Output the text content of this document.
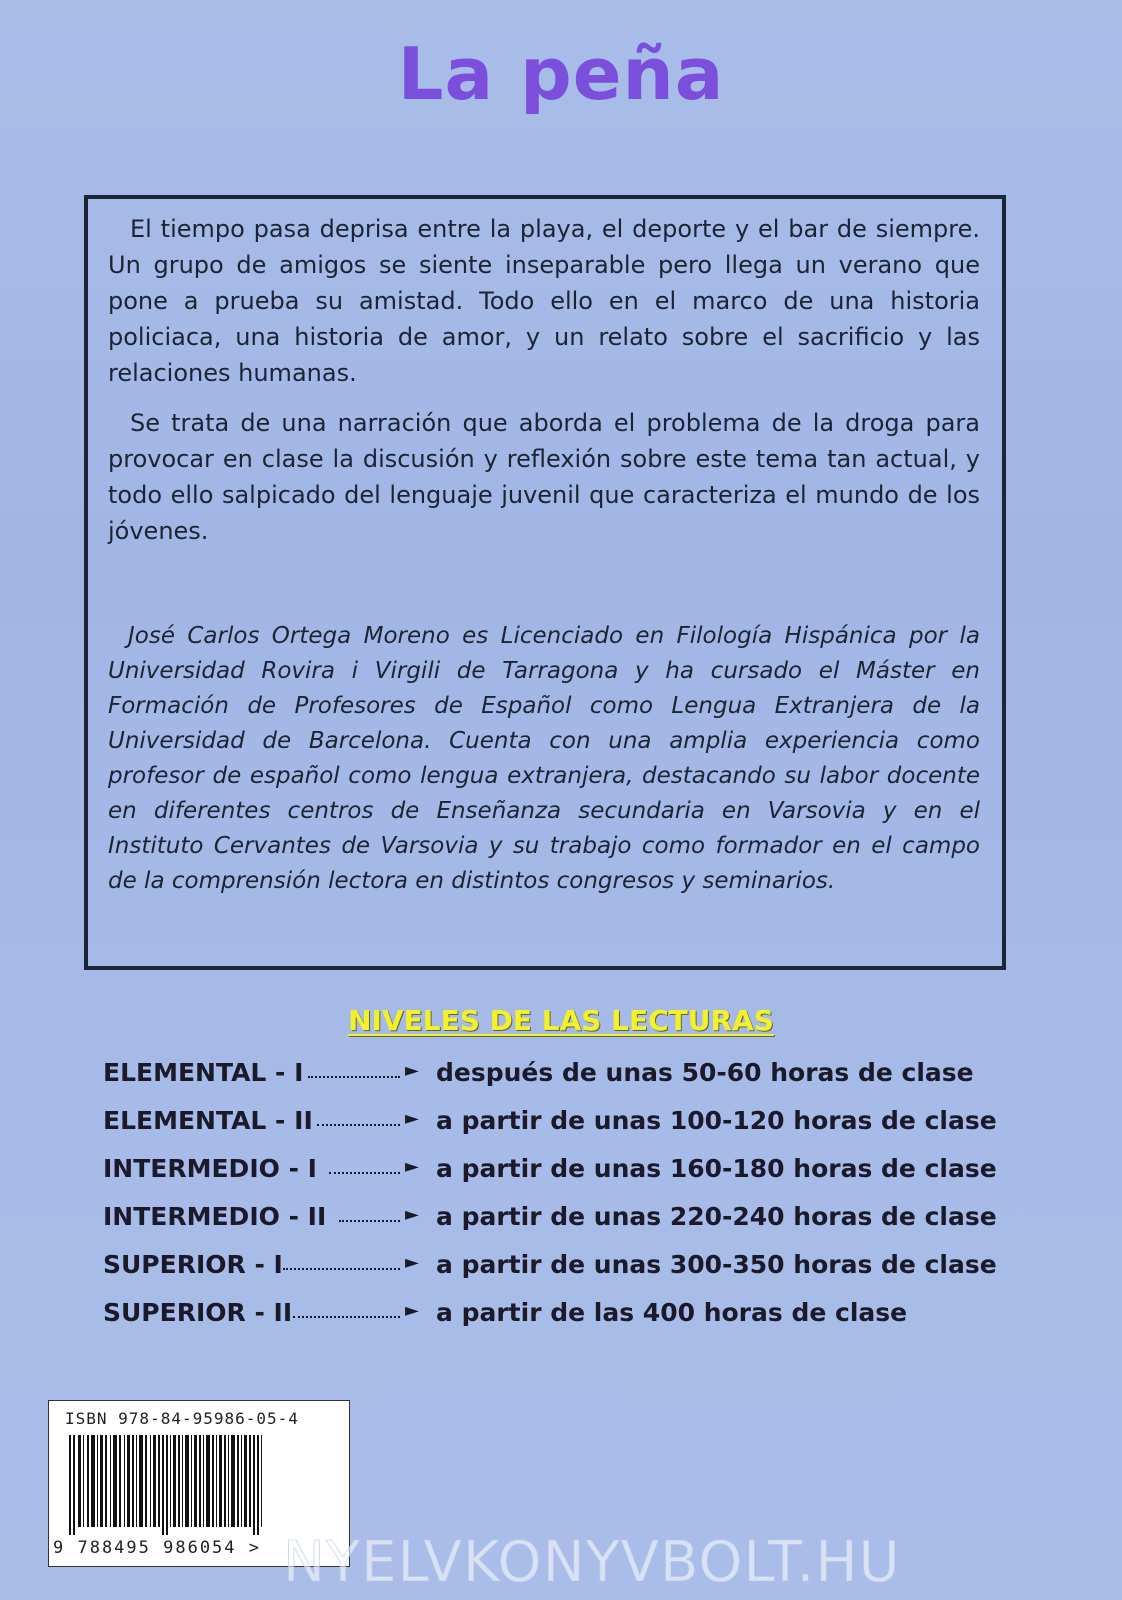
La peña

El tiempo pasa deprisa entre la playa, el deporte y el bar de siempre. Un grupo de amigos se siente inseparable pero llega un verano que pone a prueba su amistad. Todo ello en el marco de una historia policiaca, una historia de amor, y un relato sobre el sacrificio y las relaciones humanas.

Se trata de una narración que aborda el problema de la droga para provocar en clase la discusión y reflexión sobre este tema tan actual, y todo ello salpicado del lenguaje juvenil que caracteriza el mundo de los jóvenes.

José Carlos Ortega Moreno es Licenciado en Filología Hispánica por la Universidad Rovira i Virgili de Tarragona y ha cursado el Máster en Formación de Profesores de Español como Lengua Extranjera de la Universidad de Barcelona. Cuenta con una amplia experiencia como profesor de español como lengua extranjera, destacando su labor docente en diferentes centros de Enseñanza secundaria en Varsovia y en el Instituto Cervantes de Varsovia y su trabajo como formador en el campo de la comprensión lectora en distintos congresos y seminarios.

NIVELES DE LAS LECTURAS
ELEMENTAL - I	► después de unas 50-60 horas de clase
ELEMENTAL - II	► a partir de unas 100-120 horas de clase
INTERMEDIO - I	► a partir de unas 160-180 horas de clase
INTERMEDIO - II	► a partir de unas 220-240 horas de clase
SUPERIOR - I	► a partir de unas 300-350 horas de clase
SUPERIOR - II	► a partir de las 400 horas de clase
ISBN 978-84-95986-05-4
9 788495 986054 > NYELVKONYVBOLT.HU
